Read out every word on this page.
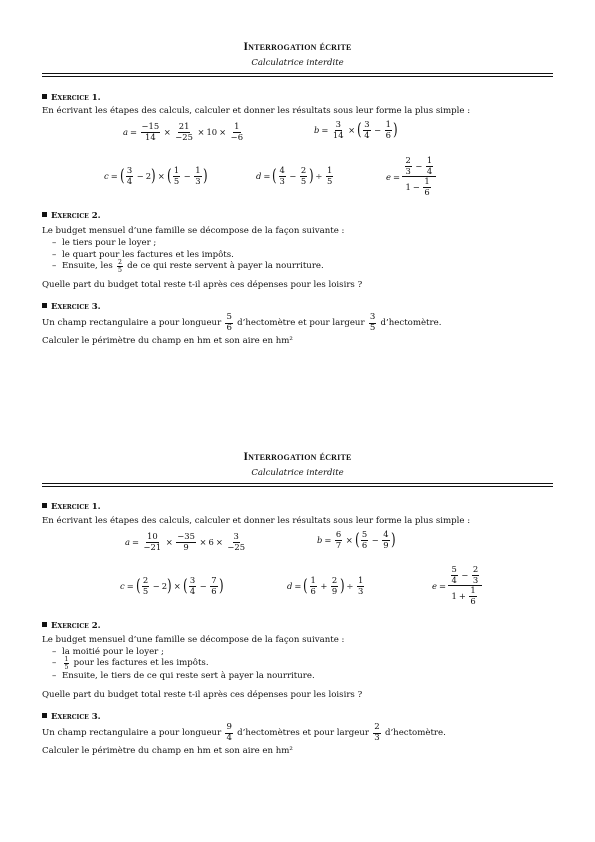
Interrogation écrite
Calculatrice interdite
Exercice 1.
En écrivant les étapes des calculs, calculer et donner les résultats sous leur forme la plus simple :
$a = \frac{-15}{14} \times \frac{21}{-25} \times 10 \times \frac{1}{-6}$	$b = \frac{3}{14}$ × ( $\frac{3}{4} - \frac{1}{6}$ )
c = ( $\frac{3}{4} - 2$ ) × ( $\frac{1}{5} - \frac{1}{3}$ )	d = ( $\frac{4}{3} - \frac{2}{5}$ ) ÷ $\frac{1}{5}$	$e = \frac{\frac{2}{3} - \frac{1}{4}}{1 - \frac{1}{6}}$
Exercice 2.
Le budget mensuel d’une famille se décompose de la façon suivante :
– le tiers pour le loyer ;
– le quart pour les factures et les impôts.
– Ensuite, les
$\frac{2}{5}$
de ce qui reste servent à payer la nourriture.
Quelle part du budget total reste t-il après ces dépenses pour les loisirs ?
Exercice 3.
Un champ rectangulaire a pour longueur
$\frac{5}{6}$
d’hectomètre et pour largeur
$\frac{3}{5}$
d’hectomètre.
Calculer le périmètre du champ en hm et son aire en hm²
Interrogation écrite
Calculatrice interdite
Exercice 1.
En écrivant les étapes des calculs, calculer et donner les résultats sous leur forme la plus simple :
$a = \frac{10}{-21} \times \frac{-35}{9} \times 6 \times \frac{3}{-25}$	$b = \frac{6}{7}$ × ( $\frac{5}{6} - \frac{4}{9}$ )
c = ( $\frac{2}{5} - 2$ ) × ( $\frac{3}{4} - \frac{7}{6}$ )	d = ( $\frac{1}{6} + \frac{2}{9}$ ) ÷ $\frac{1}{3}$	$e = \frac{\frac{5}{4} - \frac{2}{3}}{1 + \frac{1}{6}}$
Exercice 2.
Le budget mensuel d’une famille se décompose de la façon suivante :
– la moitié pour le loyer ;
–	$\frac{1}{5}$
pour les factures et les impôts.
– Ensuite, le tiers de ce qui reste sert à payer la nourriture.
Quelle part du budget total reste t-il après ces dépenses pour les loisirs ?
Exercice 3.
Un champ rectangulaire a pour longueur
$\frac{9}{4}$
d’hectomètres et pour largeur
$\frac{2}{3}$
d’hectomètre.
Calculer le périmètre du champ en hm et son aire en hm²
